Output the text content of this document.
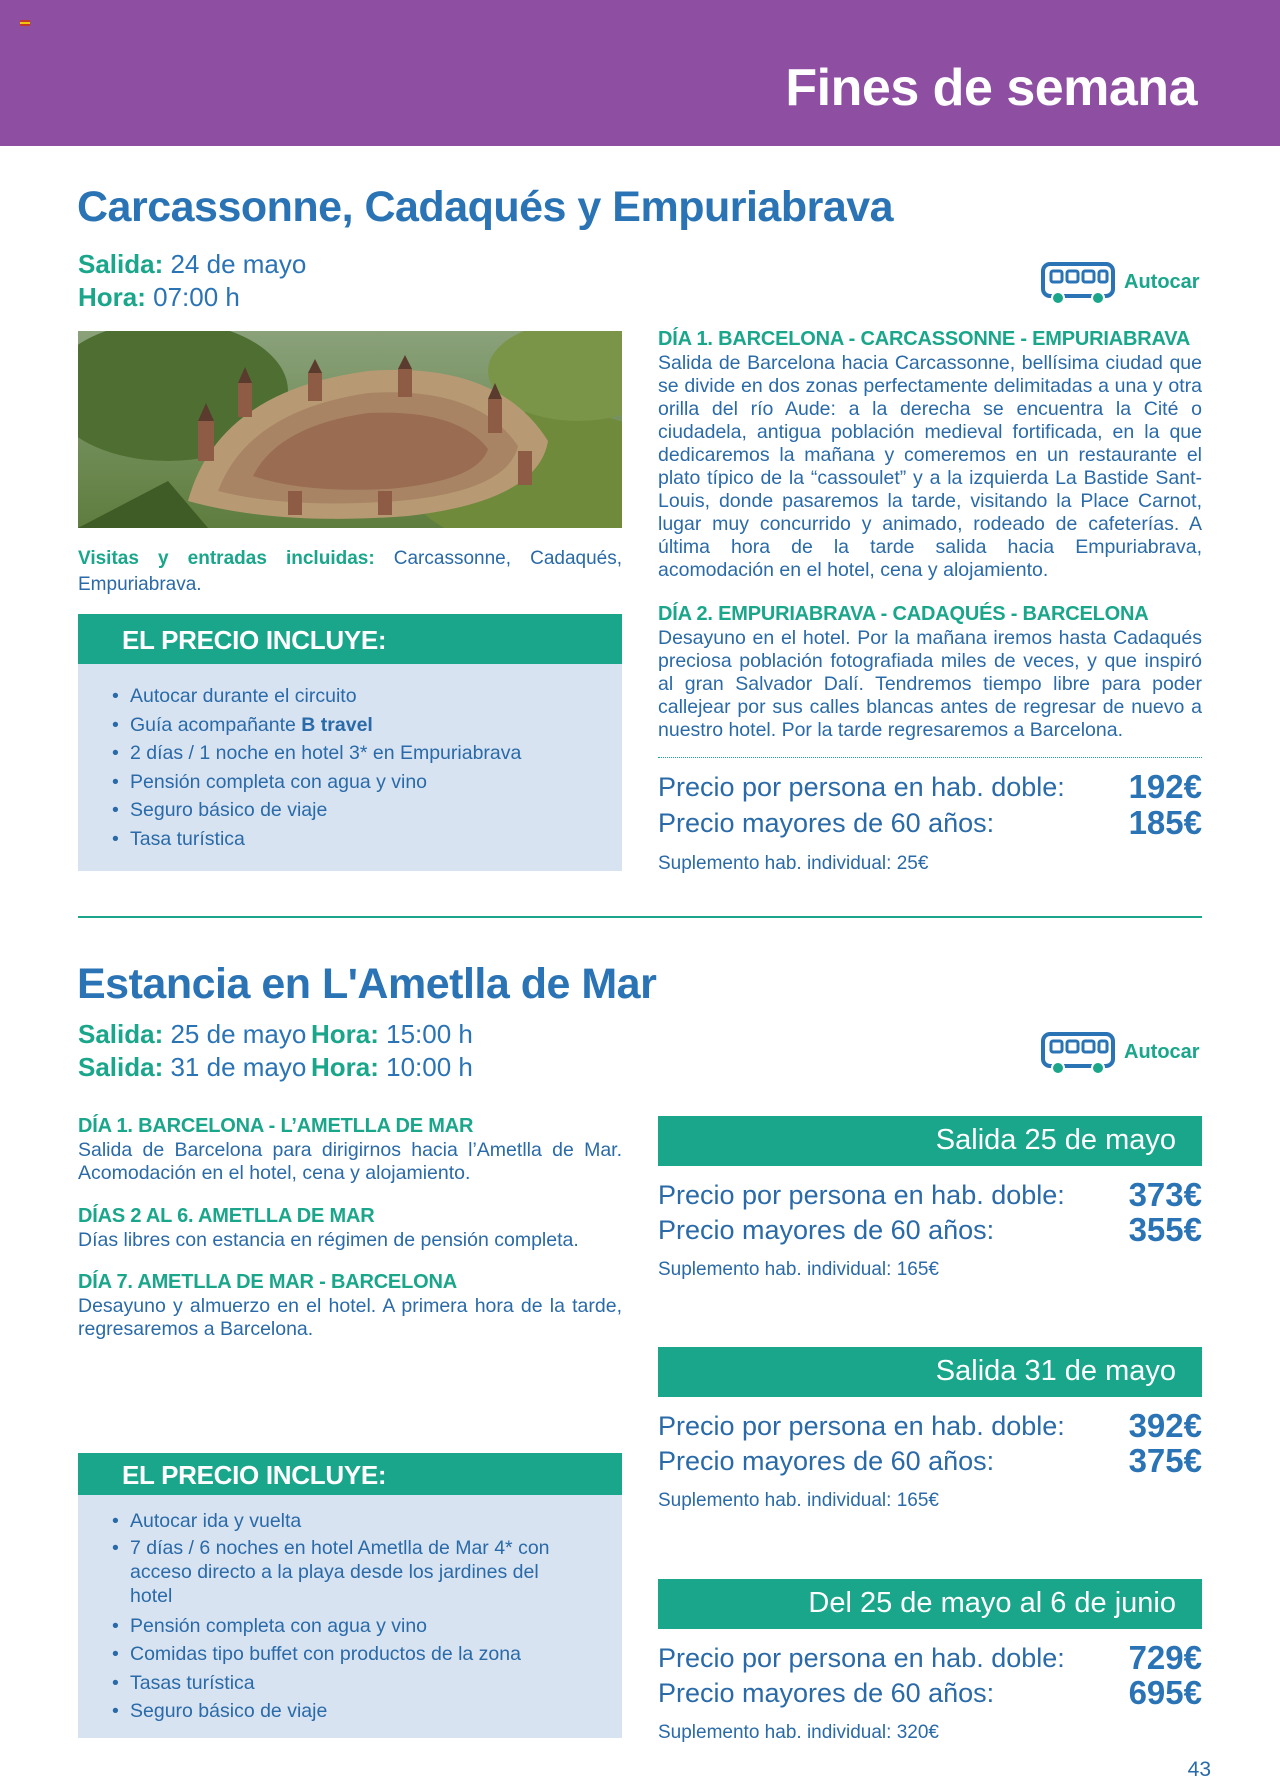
Fines de semana
Carcassonne, Cadaqués y Empuriabrava
Salida: 24 de mayo
Hora: 07:00 h	Autocar
Visitas y entradas incluidas: Carcassonne, Cadaqués, Empuriabrava.
EL PRECIO INCLUYE:
• Autocar durante el circuito
• Guía acompañante B travel
• 2 días / 1 noche en hotel 3* en Empuriabrava
• Pensión completa con agua y vino
• Seguro básico de viaje
• Tasa turística
DÍA 1. BARCELONA - CARCASSONNE - EMPURIABRAVA
Salida de Barcelona hacia Carcassonne, bellísima ciudad que se divide en dos zonas perfectamente delimitadas a una y otra orilla del río Aude: a la derecha se encuentra la Cité o ciudadela, antigua población medieval fortificada, en la que dedicaremos la mañana y comeremos en un restaurante el plato típico de la “cassoulet” y a la izquierda La Bastide Sant-Louis, donde pasaremos la tarde, visitando la Place Carnot, lugar muy concurrido y animado, rodeado de cafeterías. A última hora de la tarde salida hacia Empuriabrava, acomodación en el hotel, cena y alojamiento.
DÍA 2. EMPURIABRAVA - CADAQUÉS - BARCELONA
Desayuno en el hotel. Por la mañana iremos hasta Cadaqués preciosa población fotografiada miles de veces, y que inspiró al gran Salvador Dalí. Tendremos tiempo libre para poder callejear por sus calles blancas antes de regresar de nuevo a nuestro hotel. Por la tarde regresaremos a Barcelona.
Precio por persona en hab. doble: 192€
Precio mayores de 60 años:	185€
Suplemento hab. individual: 25€
Estancia en L'Ametlla de Mar
Salida: 25 de mayo Hora: 15:00 h
Salida: 31 de mayo Hora: 10:00 h	Autocar
DÍA 1. BARCELONA - L’AMETLLA DE MAR
Salida de Barcelona para dirigirnos hacia l’Ametlla de Mar. Acomodación en el hotel, cena y alojamiento.
DÍAS 2 AL 6. AMETLLA DE MAR
Días libres con estancia en régimen de pensión completa.
DÍA 7. AMETLLA DE MAR - BARCELONA
Desayuno y almuerzo en el hotel. A primera hora de la tarde, regresaremos a Barcelona.
EL PRECIO INCLUYE:
• Autocar ida y vuelta
• 7 días / 6 noches en hotel Ametlla de Mar 4* con acceso directo a la playa desde los jardines del hotel
• Pensión completa con agua y vino
• Comidas tipo buffet con productos de la zona
• Tasas turística
• Seguro básico de viaje
Salida 25 de mayo
Precio por persona en hab. doble: 373€
Precio mayores de 60 años:	355€
Suplemento hab. individual: 165€
Salida 31 de mayo
Precio por persona en hab. doble: 392€
Precio mayores de 60 años:	375€
Suplemento hab. individual: 165€
Del 25 de mayo al 6 de junio
Precio por persona en hab. doble: 729€
Precio mayores de 60 años:	695€
Suplemento hab. individual: 320€
43
